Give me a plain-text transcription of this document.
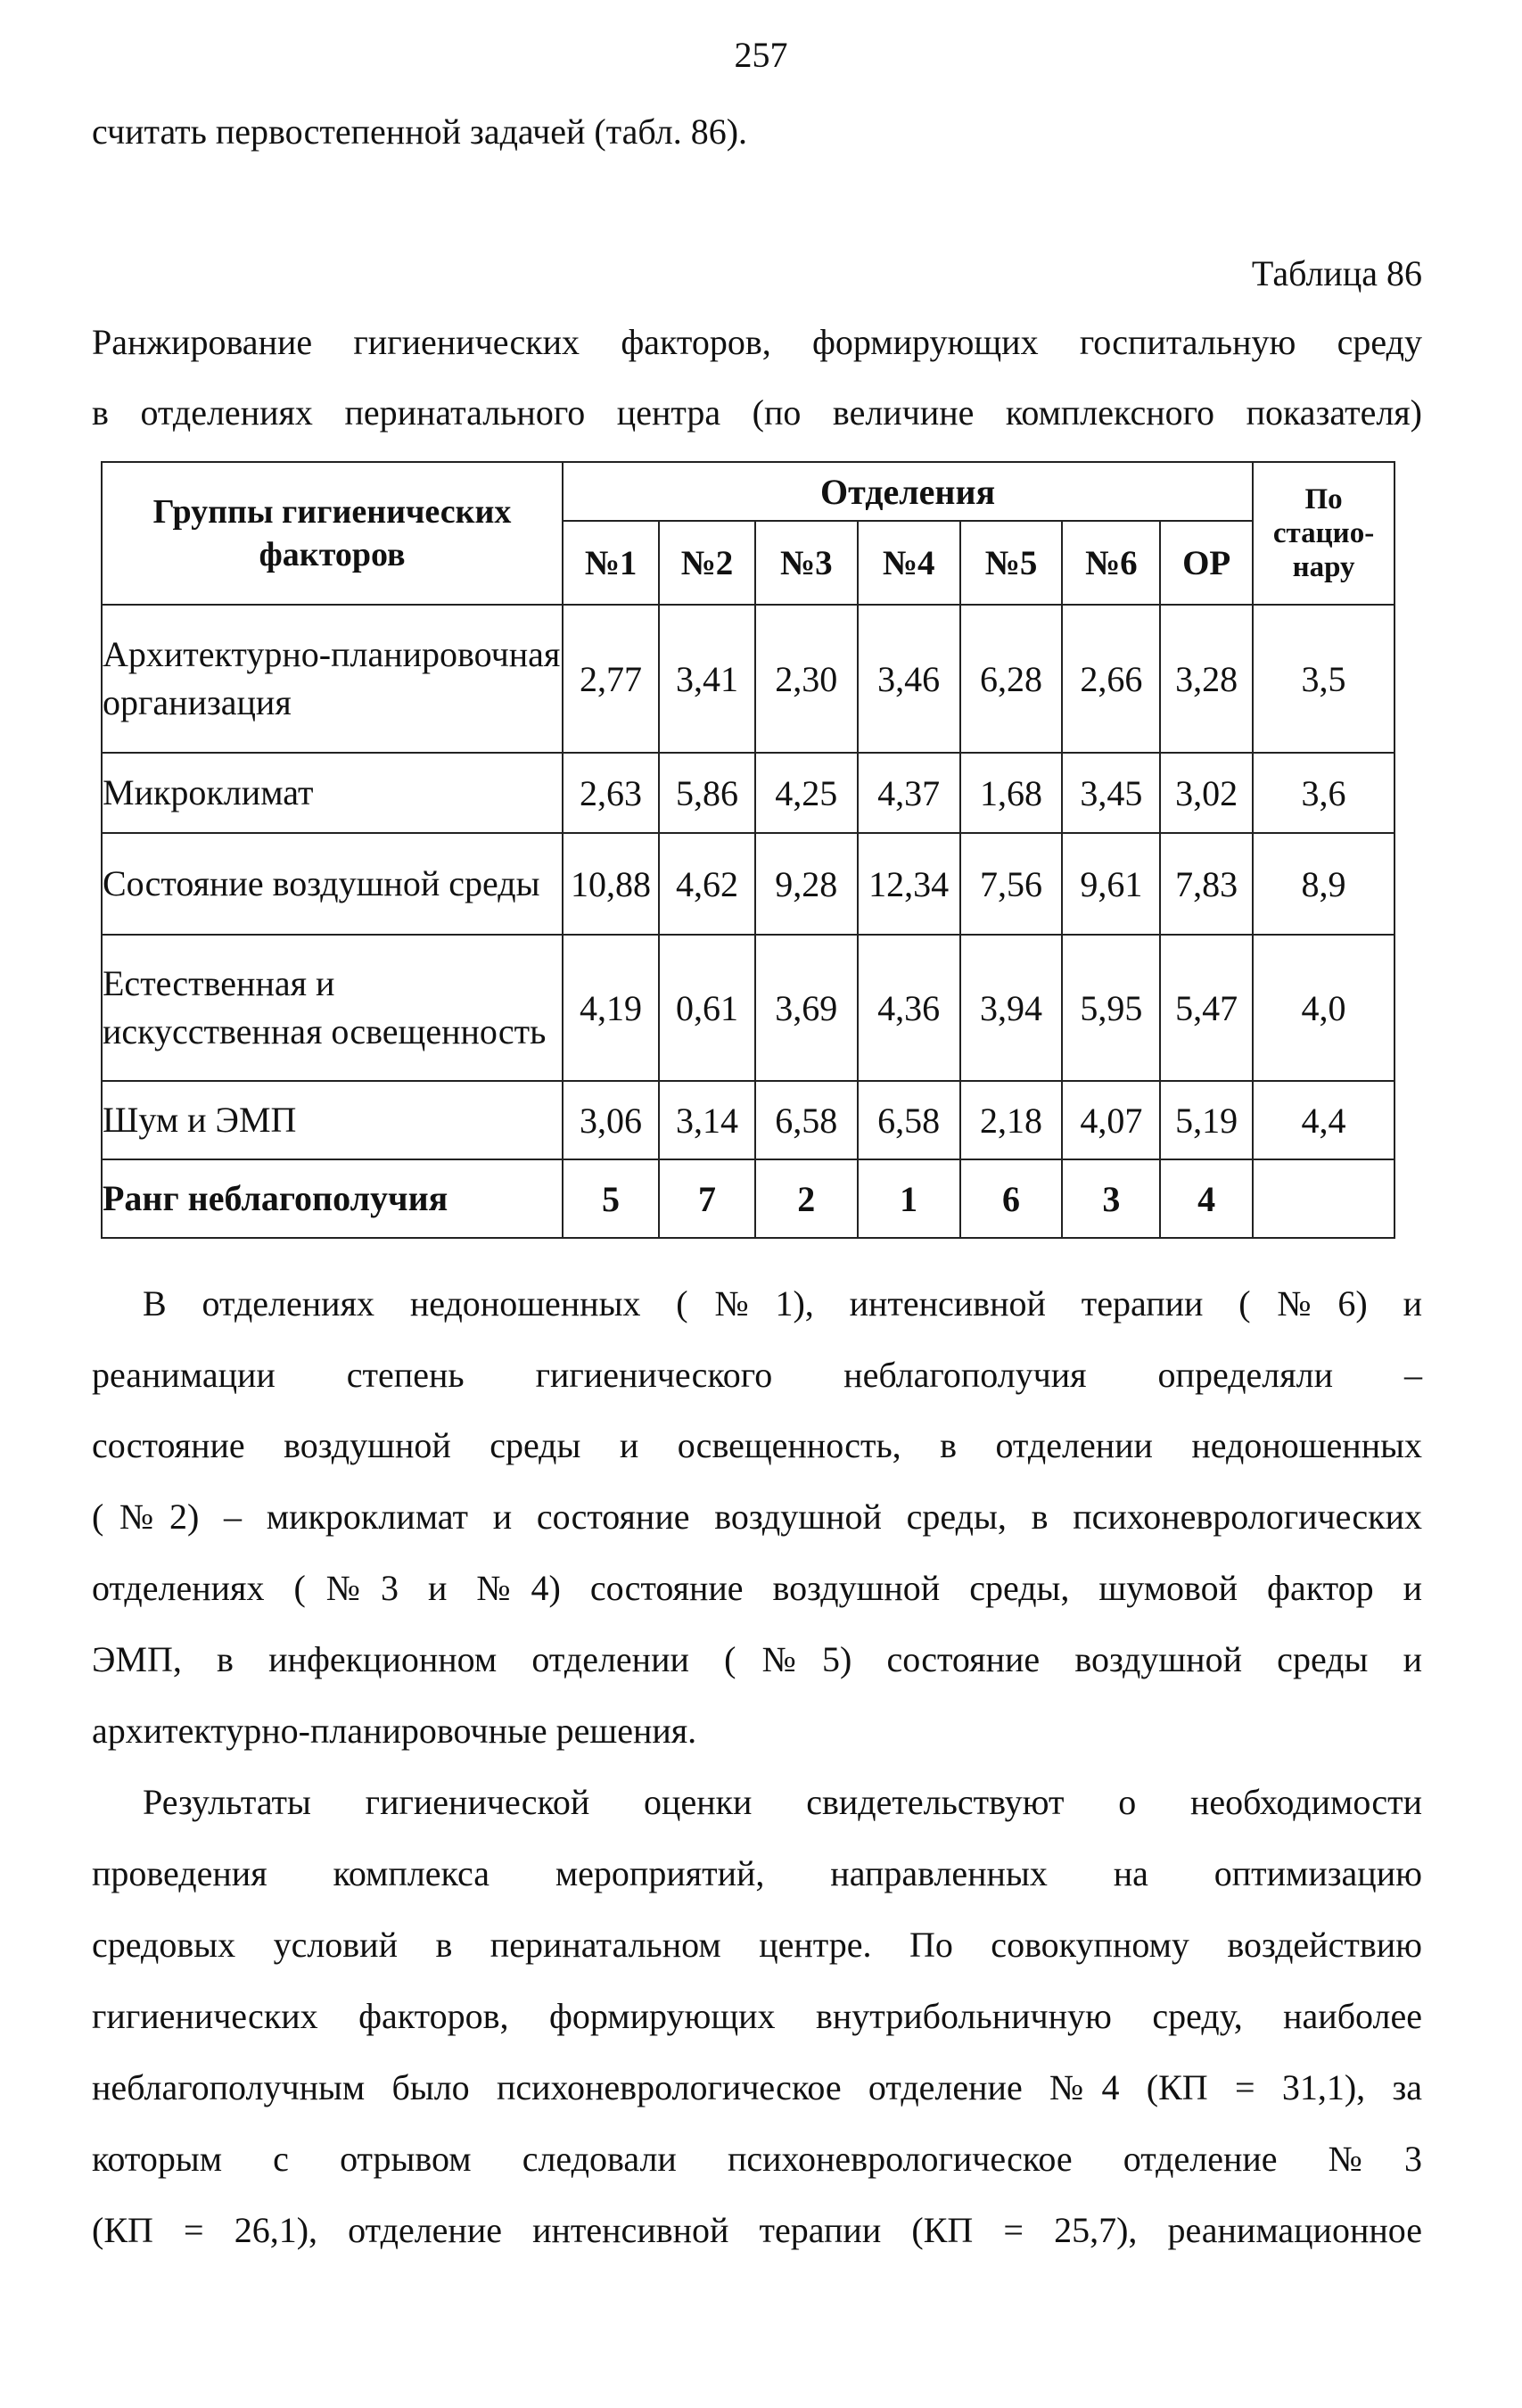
257
считать первостепенной задачей (табл. 86).
Таблица 86
Ранжирование гигиенических факторов, формирующих госпитальную среду
в отделениях перинатального центра (по величине комплексного показателя)
Группы гигиенических факторов	Отделения							По стацио-нару
	№1	№2	№3	№4	№5	№6	ОР	
Архитектурно-планировочная организация	2,77	3,41	2,30	3,46	6,28	2,66	3,28	3,5
Микроклимат	2,63	5,86	4,25	4,37	1,68	3,45	3,02	3,6
Состояние воздушной среды	10,88	4,62	9,28	12,34	7,56	9,61	7,83	8,9
Естественная и искусственная освещенность	4,19	0,61	3,69	4,36	3,94	5,95	5,47	4,0
Шум и ЭМП	3,06	3,14	6,58	6,58	2,18	4,07	5,19	4,4
Ранг неблагополучия	5	7	2	1	6	3	4	
В отделениях недоношенных (№1), интенсивной терапии (№6) и
реанимации степень гигиенического неблагополучия определяли –
состояние воздушной среды и освещенность, в отделении недоношенных
(№2) – микроклимат и состояние воздушной среды, в психоневрологических
отделениях (№3 и №4) состояние воздушной среды, шумовой фактор и
ЭМП, в инфекционном отделении (№5) состояние воздушной среды и
архитектурно-планировочные решения.
Результаты гигиенической оценки свидетельствуют о необходимости
проведения комплекса мероприятий, направленных на оптимизацию
средовых условий в перинатальном центре. По совокупному воздействию
гигиенических факторов, формирующих внутрибольничную среду, наиболее
неблагополучным было психоневрологическое отделение №4 (КП = 31,1), за
которым с отрывом следовали психоневрологическое отделение №3
(КП = 26,1), отделение интенсивной терапии (КП = 25,7), реанимационное
